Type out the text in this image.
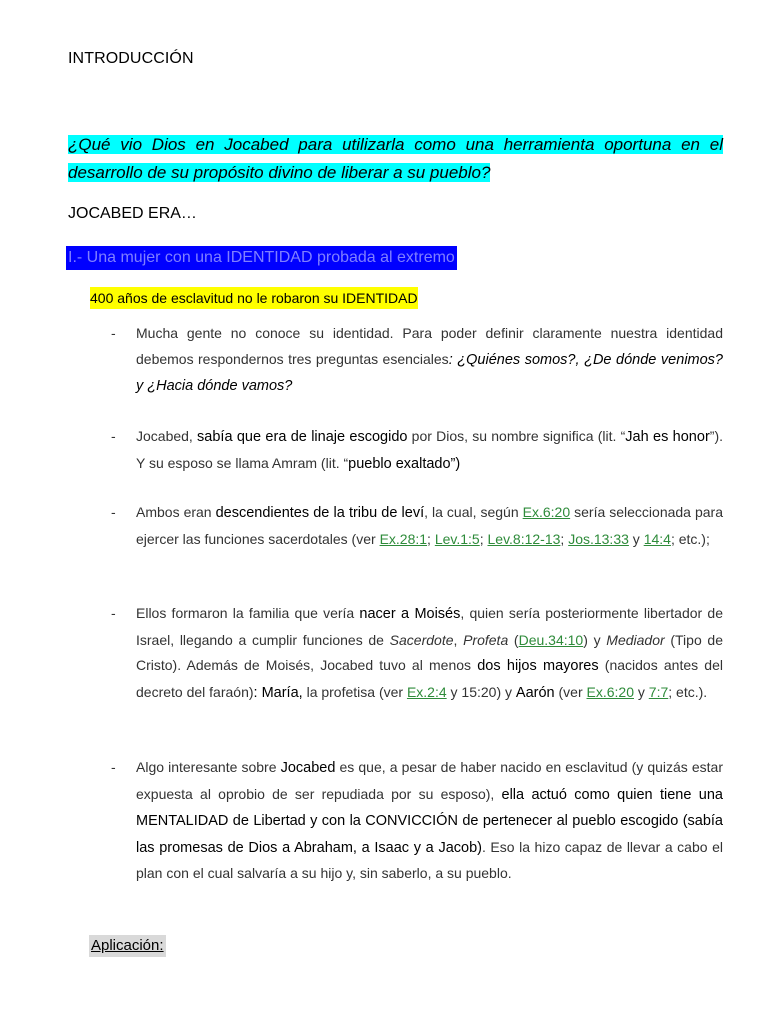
INTRODUCCIÓN
¿Qué vio Dios en Jocabed para utilizarla como una herramienta oportuna en el desarrollo de su propósito divino de liberar a su pueblo?
JOCABED ERA…
I.- Una mujer con una IDENTIDAD probada al extremo
400 años de esclavitud no le robaron su IDENTIDAD
- Mucha gente no conoce su identidad. Para poder definir claramente nuestra identidad debemos respondernos tres preguntas esenciales: ¿Quiénes somos?, ¿De dónde venimos? y ¿Hacia dónde vamos?
- Jocabed, sabía que era de linaje escogido por Dios, su nombre significa (lit. “Jah es honor”). Y su esposo se llama Amram (lit. “pueblo exaltado”)
- Ambos eran descendientes de la tribu de leví, la cual, según Ex.6:20 sería seleccionada para ejercer las funciones sacerdotales (ver Ex.28:1; Lev.1:5; Lev.8:12-13; Jos.13:33 y 14:4; etc.);
- Ellos formaron la familia que vería nacer a Moisés, quien sería posteriormente libertador de Israel, llegando a cumplir funciones de Sacerdote, Profeta (Deu.34:10) y Mediador (Tipo de Cristo). Además de Moisés, Jocabed tuvo al menos dos hijos mayores (nacidos antes del decreto del faraón): María, la profetisa (ver Ex.2:4 y 15:20) y Aarón (ver Ex.6:20 y 7:7; etc.).
- Algo interesante sobre Jocabed es que, a pesar de haber nacido en esclavitud (y quizás estar expuesta al oprobio de ser repudiada por su esposo), ella actuó como quien tiene una MENTALIDAD de Libertad y con la CONVICCIÓN de pertenecer al pueblo escogido (sabía las promesas de Dios a Abraham, a Isaac y a Jacob). Eso la hizo capaz de llevar a cabo el plan con el cual salvaría a su hijo y, sin saberlo, a su pueblo.
Aplicación:
